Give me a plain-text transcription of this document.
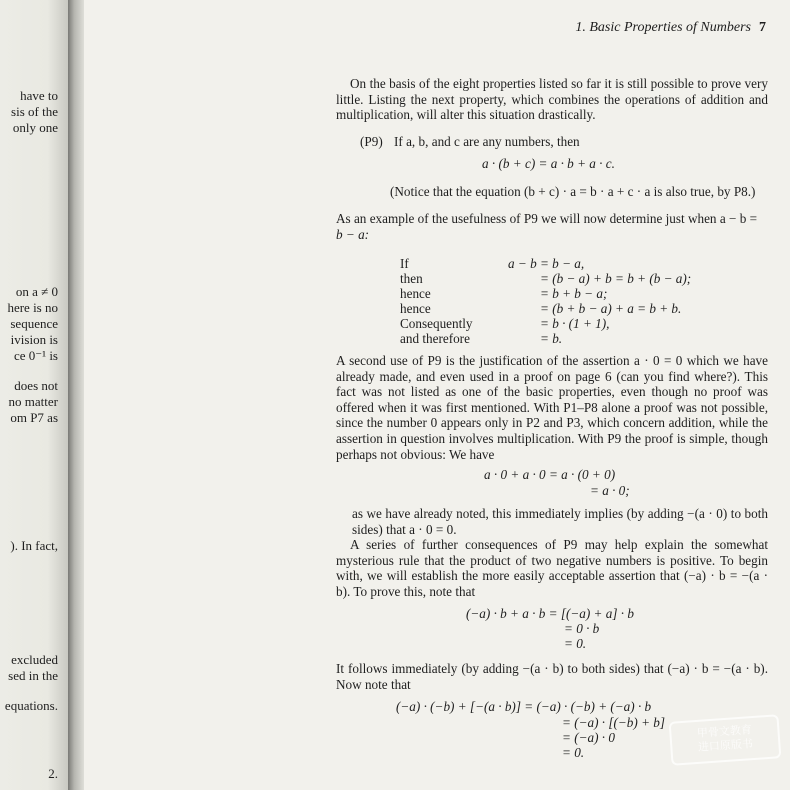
have to
sis of the
only one
on a ≠ 0
here is no
sequence
ivision is
ce 0⁻¹ is
does not
no matter
om P7 as
). In fact,
excluded
sed in the
equations.
2.
1. Basic Properties of Numbers 7

On the basis of the eight properties listed so far it is still possible to prove very little. Listing the next property, which combines the operations of addition and multiplication, will alter this situation drastically.

(P9) If a, b, and c are any numbers, then
a · (b + c) = a · b + a · c.
(Notice that the equation (b + c) · a = b · a + c · a is also true, by P8.)
As an example of the usefulness of P9 we will now determine just when a − b =
b − a:

A second use of P9 is the justification of the assertion a · 0 = 0 which we have already made, and even used in a proof on page 6 (can you find where?). This fact was not listed as one of the basic properties, even though no proof was offered when it was first mentioned. With P1–P8 alone a proof was not possible, since the number 0 appears only in P2 and P3, which concern addition, while the assertion in question involves multiplication. With P9 the proof is simple, though perhaps not obvious: We have

a · 0 + a · 0 = a · (0 + 0)
= a · 0;

as we have already noted, this immediately implies (by adding −(a · 0) to both sides) that a · 0 = 0.

A series of further consequences of P9 may help explain the somewhat mysterious rule that the product of two negative numbers is positive. To begin with, we will establish the more easily acceptable assertion that (−a) · b = −(a · b). To prove this, note that

(−a) · b + a · b = [(−a) + a] · b
= 0 · b
= 0.

It follows immediately (by adding −(a · b) to both sides) that (−a) · b = −(a · b). Now note that

(−a) · (−b) + [−(a · b)] = (−a) · (−b) + (−a) · b
= (−a) · [(−b) + b]
= (−a) · 0
= 0.
甲骨文教育
进口原版书
If	a − b = b − a,
then	= (b − a) + b = b + (b − a);
hence	= b + b − a;
hence	= (b + b − a) + a = b + b.
Consequently	= b · (1 + 1),
and therefore	= b.
